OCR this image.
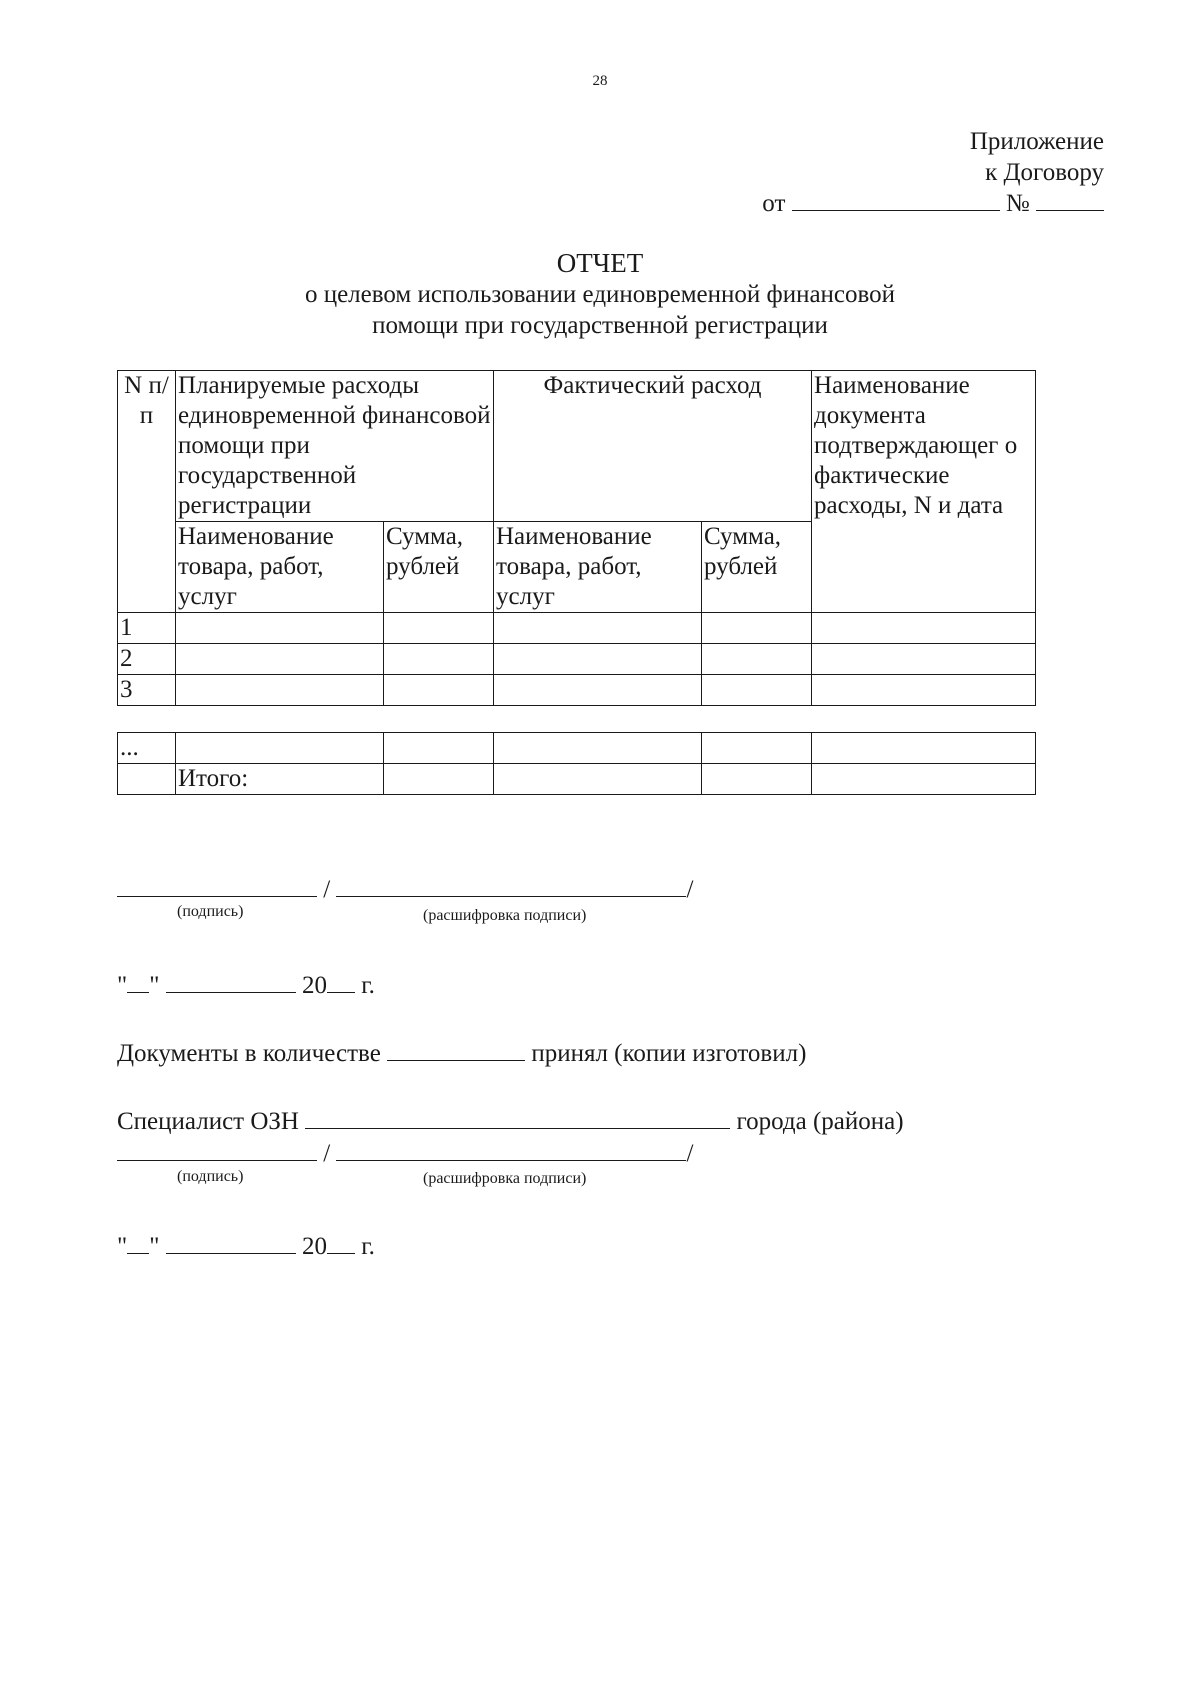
28
Приложение
к Договору
от	№
ОТЧЕТ
о целевом использовании единовременной финансовой
помощи при государственной регистрации
N п/п	Планируемые расходы единовременной финансовой помощи при государственной регистрации		Фактический расход		Наименование документа подтверждающег о фактические расходы, N и дата
	Наименование товара, работ, услуг	Сумма, рублей	Наименование товара, работ, услуг	Сумма, рублей	
1					
2					
3					

...					
	Итого:				
/	/
(подпись)	(расшифровка подписи)
" "	20 г.
Документы в количестве	принял (копии изготовил)
Специалист ОЗН	города (района)
/	/
(подпись)	(расшифровка подписи)
" "	20 г.
